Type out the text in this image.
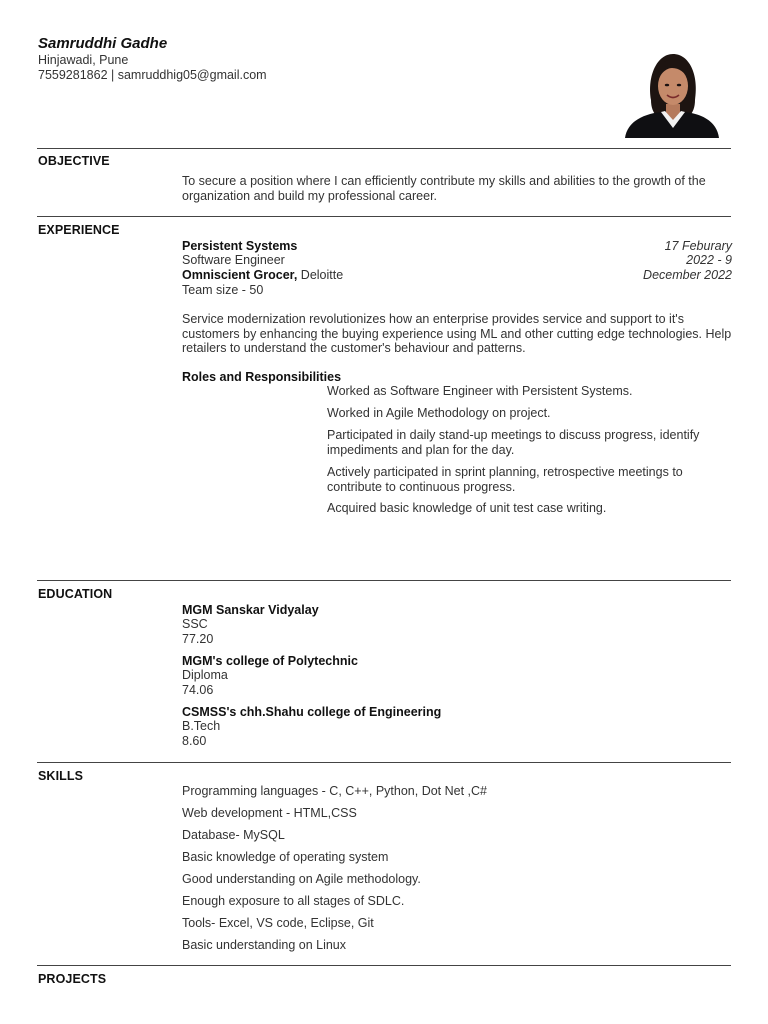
Samruddhi Gadhe
Hinjawadi, Pune
7559281862 | samruddhig05@gmail.com
OBJECTIVE
To secure a position where I can efficiently contribute my skills and abilities to the growth of the organization and build my professional career.
EXPERIENCE
Persistent Systems
Software Engineer
Omniscient Grocer, Deloitte
Team size - 50
17 Feburary
2022 - 9
December 2022
Service modernization revolutionizes how an enterprise provides service and support to it's customers by enhancing the buying experience using ML and other cutting edge technologies. Help retailers to understand the customer's behaviour and patterns.
Roles and Responsibilities
Worked as Software Engineer with Persistent Systems.
Worked in Agile Methodology on project.
Participated in daily stand-up meetings to discuss progress, identify impediments and plan for the day.
Actively participated in sprint planning, retrospective meetings to contribute to continuous progress.
Acquired basic knowledge of unit test case writing.
EDUCATION
MGM Sanskar Vidyalay
SSC
77.20
MGM's college of Polytechnic
Diploma
74.06
CSMSS's chh.Shahu college of Engineering
B.Tech
8.60
SKILLS
Programming languages - C, C++, Python, Dot Net ,C#
Web development - HTML,CSS
Database- MySQL
Basic knowledge of operating system
Good understanding on Agile methodology.
Enough exposure to all stages of SDLC.
Tools- Excel, VS code, Eclipse, Git
Basic understanding on Linux
PROJECTS
